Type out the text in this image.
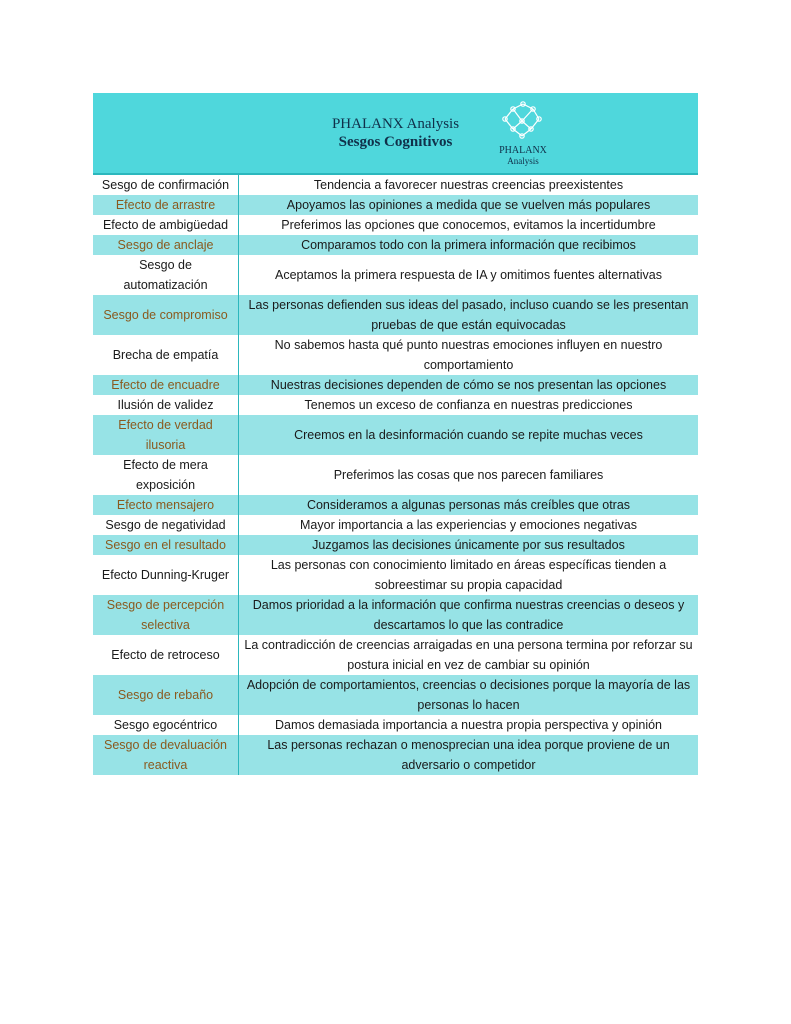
PHALANX Analysis
Sesgos Cognitivos
PHALANX
Analysis
Sesgo de confirmación	Tendencia a favorecer nuestras creencias preexistentes
Efecto de arrastre	Apoyamos las opiniones a medida que se vuelven más populares
Efecto de ambigüedad	Preferimos las opciones que conocemos, evitamos la incertidumbre
Sesgo de anclaje	Comparamos todo con la primera información que recibimos
Sesgo de automatización	Aceptamos la primera respuesta de IA y omitimos fuentes alternativas
Sesgo de compromiso	Las personas defienden sus ideas del pasado, incluso cuando se les presentan pruebas de que están equivocadas
Brecha de empatía	No sabemos hasta qué punto nuestras emociones influyen en nuestro comportamiento
Efecto de encuadre	Nuestras decisiones dependen de cómo se nos presentan las opciones
Ilusión de validez	Tenemos un exceso de confianza en nuestras predicciones
Efecto de verdad ilusoria	Creemos en la desinformación cuando se repite muchas veces
Efecto de mera exposición	Preferimos las cosas que nos parecen familiares
Efecto mensajero	Consideramos a algunas personas más creíbles que otras
Sesgo de negatividad	Mayor importancia a las experiencias y emociones negativas
Sesgo en el resultado	Juzgamos las decisiones únicamente por sus resultados
Efecto Dunning-Kruger	Las personas con conocimiento limitado en áreas específicas tienden a sobreestimar su propia capacidad
Sesgo de percepción selectiva	Damos prioridad a la información que confirma nuestras creencias o deseos y descartamos lo que las contradice
Efecto de retroceso	La contradicción de creencias arraigadas en una persona termina por reforzar su postura inicial en vez de cambiar su opinión
Sesgo de rebaño	Adopción de comportamientos, creencias o decisiones porque la mayoría de las personas lo hacen
Sesgo egocéntrico	Damos demasiada importancia a nuestra propia perspectiva y opinión
Sesgo de devaluación reactiva	Las personas rechazan o menosprecian una idea porque proviene de un adversario o competidor
